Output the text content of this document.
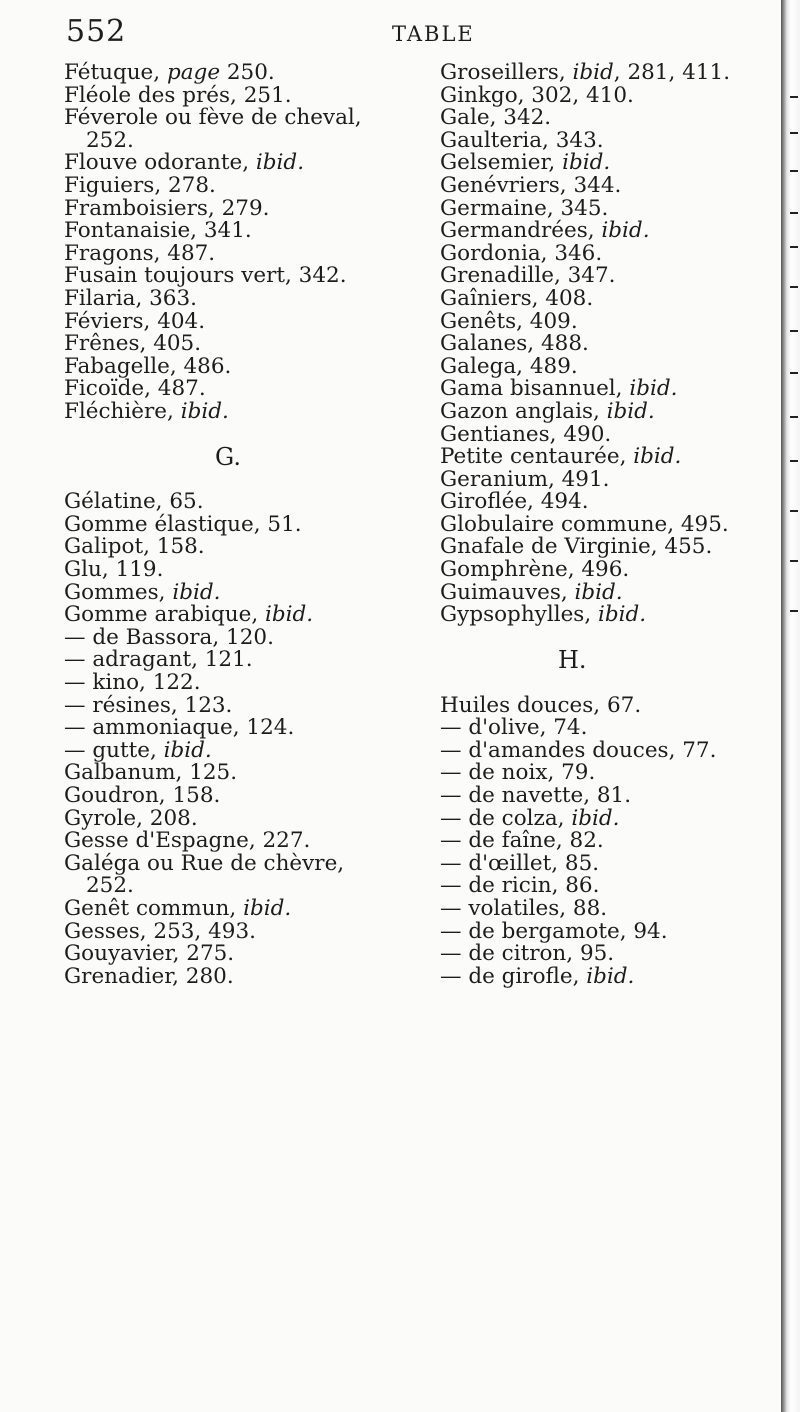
552	TABLE
Fétuque, page 250.
Fléole des prés, 251.
Féverole ou fève de cheval,
252.
Flouve odorante, ibid.
Figuiers, 278.
Framboisiers, 279.
Fontanaisie, 341.
Fragons, 487.
Fusain toujours vert, 342.
Filaria, 363.
Féviers, 404.
Frênes, 405.
Fabagelle, 486.
Ficoïde, 487.
Fléchière, ibid.
G.
Gélatine, 65.
Gomme élastique, 51.
Galipot, 158.
Glu, 119.
Gommes, ibid.
Gomme arabique, ibid.
— de Bassora, 120.
— adragant, 121.
— kino, 122.
— résines, 123.
— ammoniaque, 124.
— gutte, ibid.
Galbanum, 125.
Goudron, 158.
Gyrole, 208.
Gesse d'Espagne, 227.
Galéga ou Rue de chèvre,
252.
Genêt commun, ibid.
Gesses, 253, 493.
Gouyavier, 275.
Grenadier, 280.
Groseillers, ibid, 281, 411.
Ginkgo, 302, 410.
Gale, 342.
Gaulteria, 343.
Gelsemier, ibid.
Genévriers, 344.
Germaine, 345.
Germandrées, ibid.
Gordonia, 346.
Grenadille, 347.
Gaîniers, 408.
Genêts, 409.
Galanes, 488.
Galega, 489.
Gama bisannuel, ibid.
Gazon anglais, ibid.
Gentianes, 490.
Petite centaurée, ibid.
Geranium, 491.
Giroflée, 494.
Globulaire commune, 495.
Gnafale de Virginie, 455.
Gomphrène, 496.
Guimauves, ibid.
Gypsophylles, ibid.
H.
Huiles douces, 67.
— d'olive, 74.
— d'amandes douces, 77.
— de noix, 79.
— de navette, 81.
— de colza, ibid.
— de faîne, 82.
— d'œillet, 85.
— de ricin, 86.
— volatiles, 88.
— de bergamote, 94.
— de citron, 95.
— de girofle, ibid.
